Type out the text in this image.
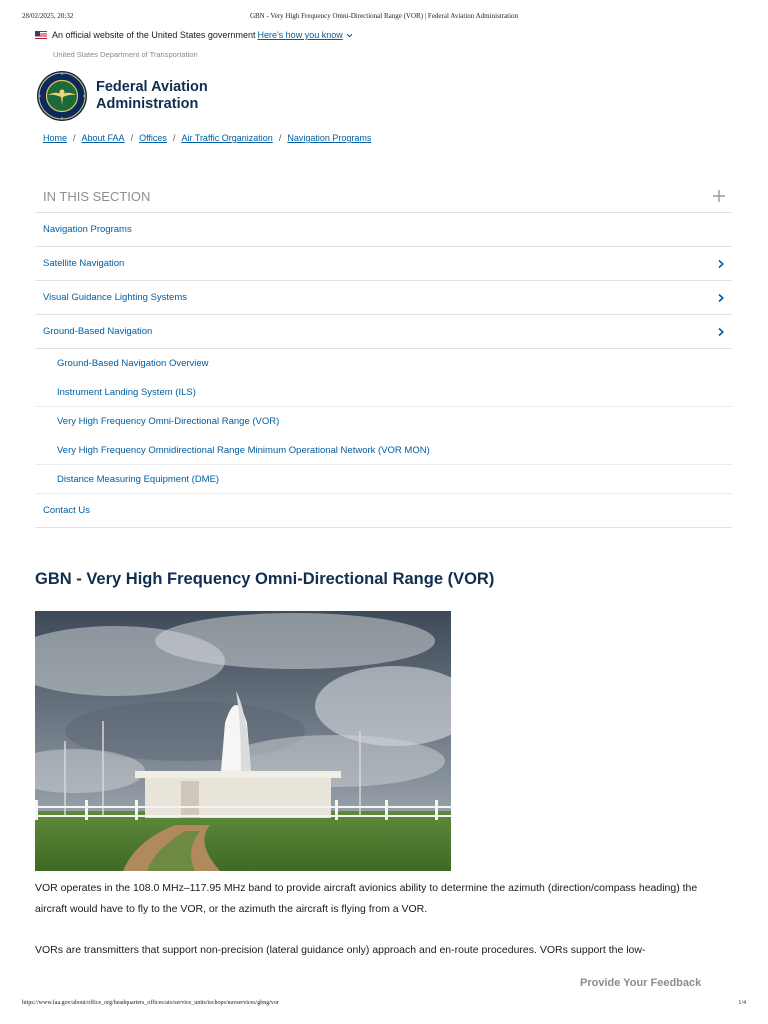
28/02/2025, 20:32	GBN - Very High Frequency Omni-Directional Range (VOR) | Federal Aviation Administration
An official website of the United States government Here's how you know
United States Department of Transportation
Federal Aviation
Administration
Home / About FAA / Offices / Air Traffic Organization / Navigation Programs
IN THIS SECTION
Navigation Programs
Satellite Navigation
Visual Guidance Lighting Systems
Ground-Based Navigation
Ground-Based Navigation Overview
Instrument Landing System (ILS)
Very High Frequency Omni-Directional Range (VOR)
Very High Frequency Omnidirectional Range Minimum Operational Network (VOR MON)
Distance Measuring Equipment (DME)
Contact Us
GBN - Very High Frequency Omni-Directional Range (VOR)

VOR operates in the 108.0 MHz–117.95 MHz band to provide aircraft avionics ability to determine the azimuth (direction/compass heading) the aircraft would have to fly to the VOR, or the azimuth the aircraft is flying from a VOR.

VORs are transmitters that support non-precision (lateral guidance only) approach and en-route procedures. VORs support the low-

Provide Your Feedback
https://www.faa.gov/about/office_org/headquarters_offices/ato/service_units/techops/navservices/gbng/vor	1/4
